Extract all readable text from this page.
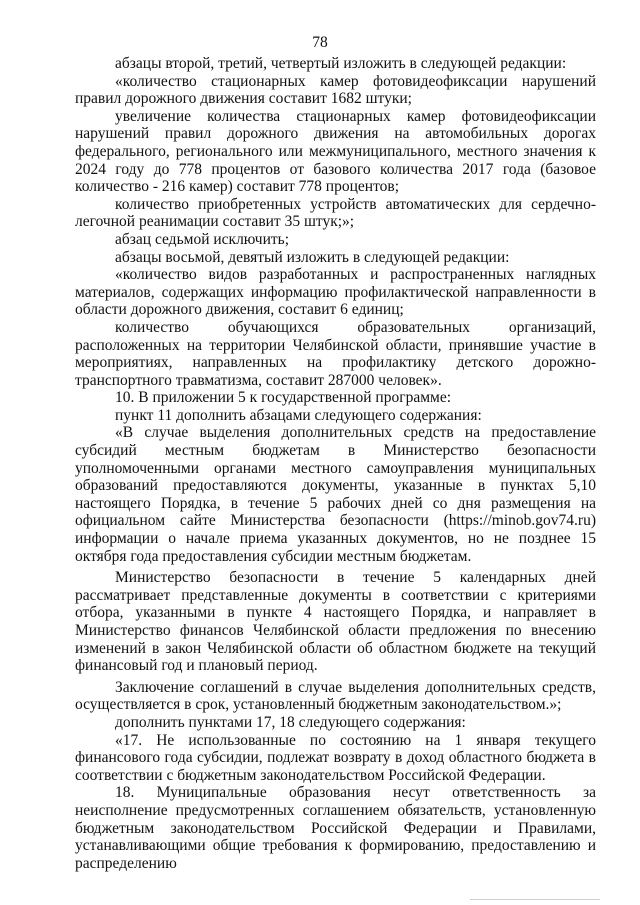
78

абзацы второй, третий, четвертый изложить в следующей редакции:

«количество стационарных камер фотовидеофиксации нарушений правил дорожного движения составит 1682 штуки;

увеличение количества стационарных камер фотовидеофиксации нарушений правил дорожного движения на автомобильных дорогах федерального, регионального или межмуниципального, местного значения к 2024 году до 778 процентов от базового количества 2017 года (базовое количество - 216 камер) составит 778 процентов;

количество приобретенных устройств автоматических для сердечно-легочной реанимации составит 35 штук;»;

абзац седьмой исключить;

абзацы восьмой, девятый изложить в следующей редакции:

«количество видов разработанных и распространенных наглядных материалов, содержащих информацию профилактической направленности в области дорожного движения, составит 6 единиц;

количество обучающихся образовательных организаций, расположенных на территории Челябинской области, принявшие участие в мероприятиях, направленных на профилактику детского дорожно-транспортного травматизма, составит 287000 человек».

10. В приложении 5 к государственной программе:

пункт 11 дополнить абзацами следующего содержания:

«В случае выделения дополнительных средств на предоставление субсидий местным бюджетам в Министерство безопасности уполномоченными органами местного самоуправления муниципальных образований предоставляются документы, указанные в пунктах 5,10 настоящего Порядка, в течение 5 рабочих дней со дня размещения на официальном сайте Министерства безопасности (https://minob.gov74.ru) информации о начале приема указанных документов, но не позднее 15 октября года предоставления субсидии местным бюджетам.

Министерство безопасности в течение 5 календарных дней рассматривает представленные документы в соответствии с критериями отбора, указанными в пункте 4 настоящего Порядка, и направляет в Министерство финансов Челябинской области предложения по внесению изменений в закон Челябинской области об областном бюджете на текущий финансовый год и плановый период.

Заключение соглашений в случае выделения дополнительных средств, осуществляется в срок, установленный бюджетным законодательством.»;

дополнить пунктами 17, 18 следующего содержания:

«17. Не использованные по состоянию на 1 января текущего финансового года субсидии, подлежат возврату в доход областного бюджета в соответствии с бюджетным законодательством Российской Федерации.

18. Муниципальные образования несут ответственность за неисполнение предусмотренных соглашением обязательств, установленную бюджетным законодательством Российской Федерации и Правилами, устанавливающими общие требования к формированию, предоставлению и распределению
